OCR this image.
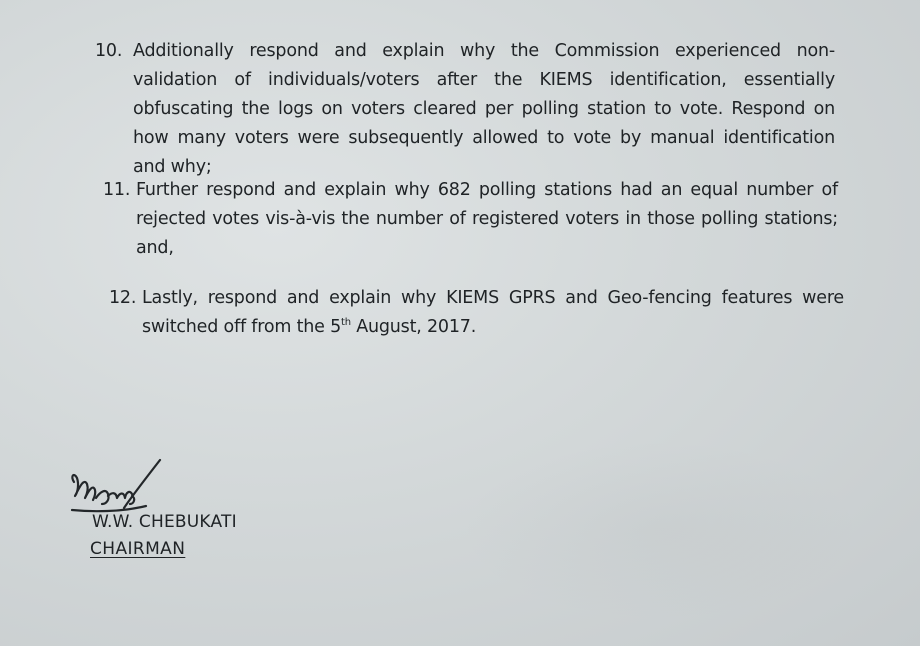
10. Additionally respond and explain why the Commission experienced non-validation of individuals/voters after the KIEMS identification, essentially obfuscating the logs on voters cleared per polling station to vote. Respond on how many voters were subsequently allowed to vote by manual identification and why;
11. Further respond and explain why 682 polling stations had an equal number of rejected votes vis-à-vis the number of registered voters in those polling stations; and,
12. Lastly, respond and explain why KIEMS GPRS and Geo-fencing features were switched off from the 5th August, 2017.
W.W. CHEBUKATI
CHAIRMAN
